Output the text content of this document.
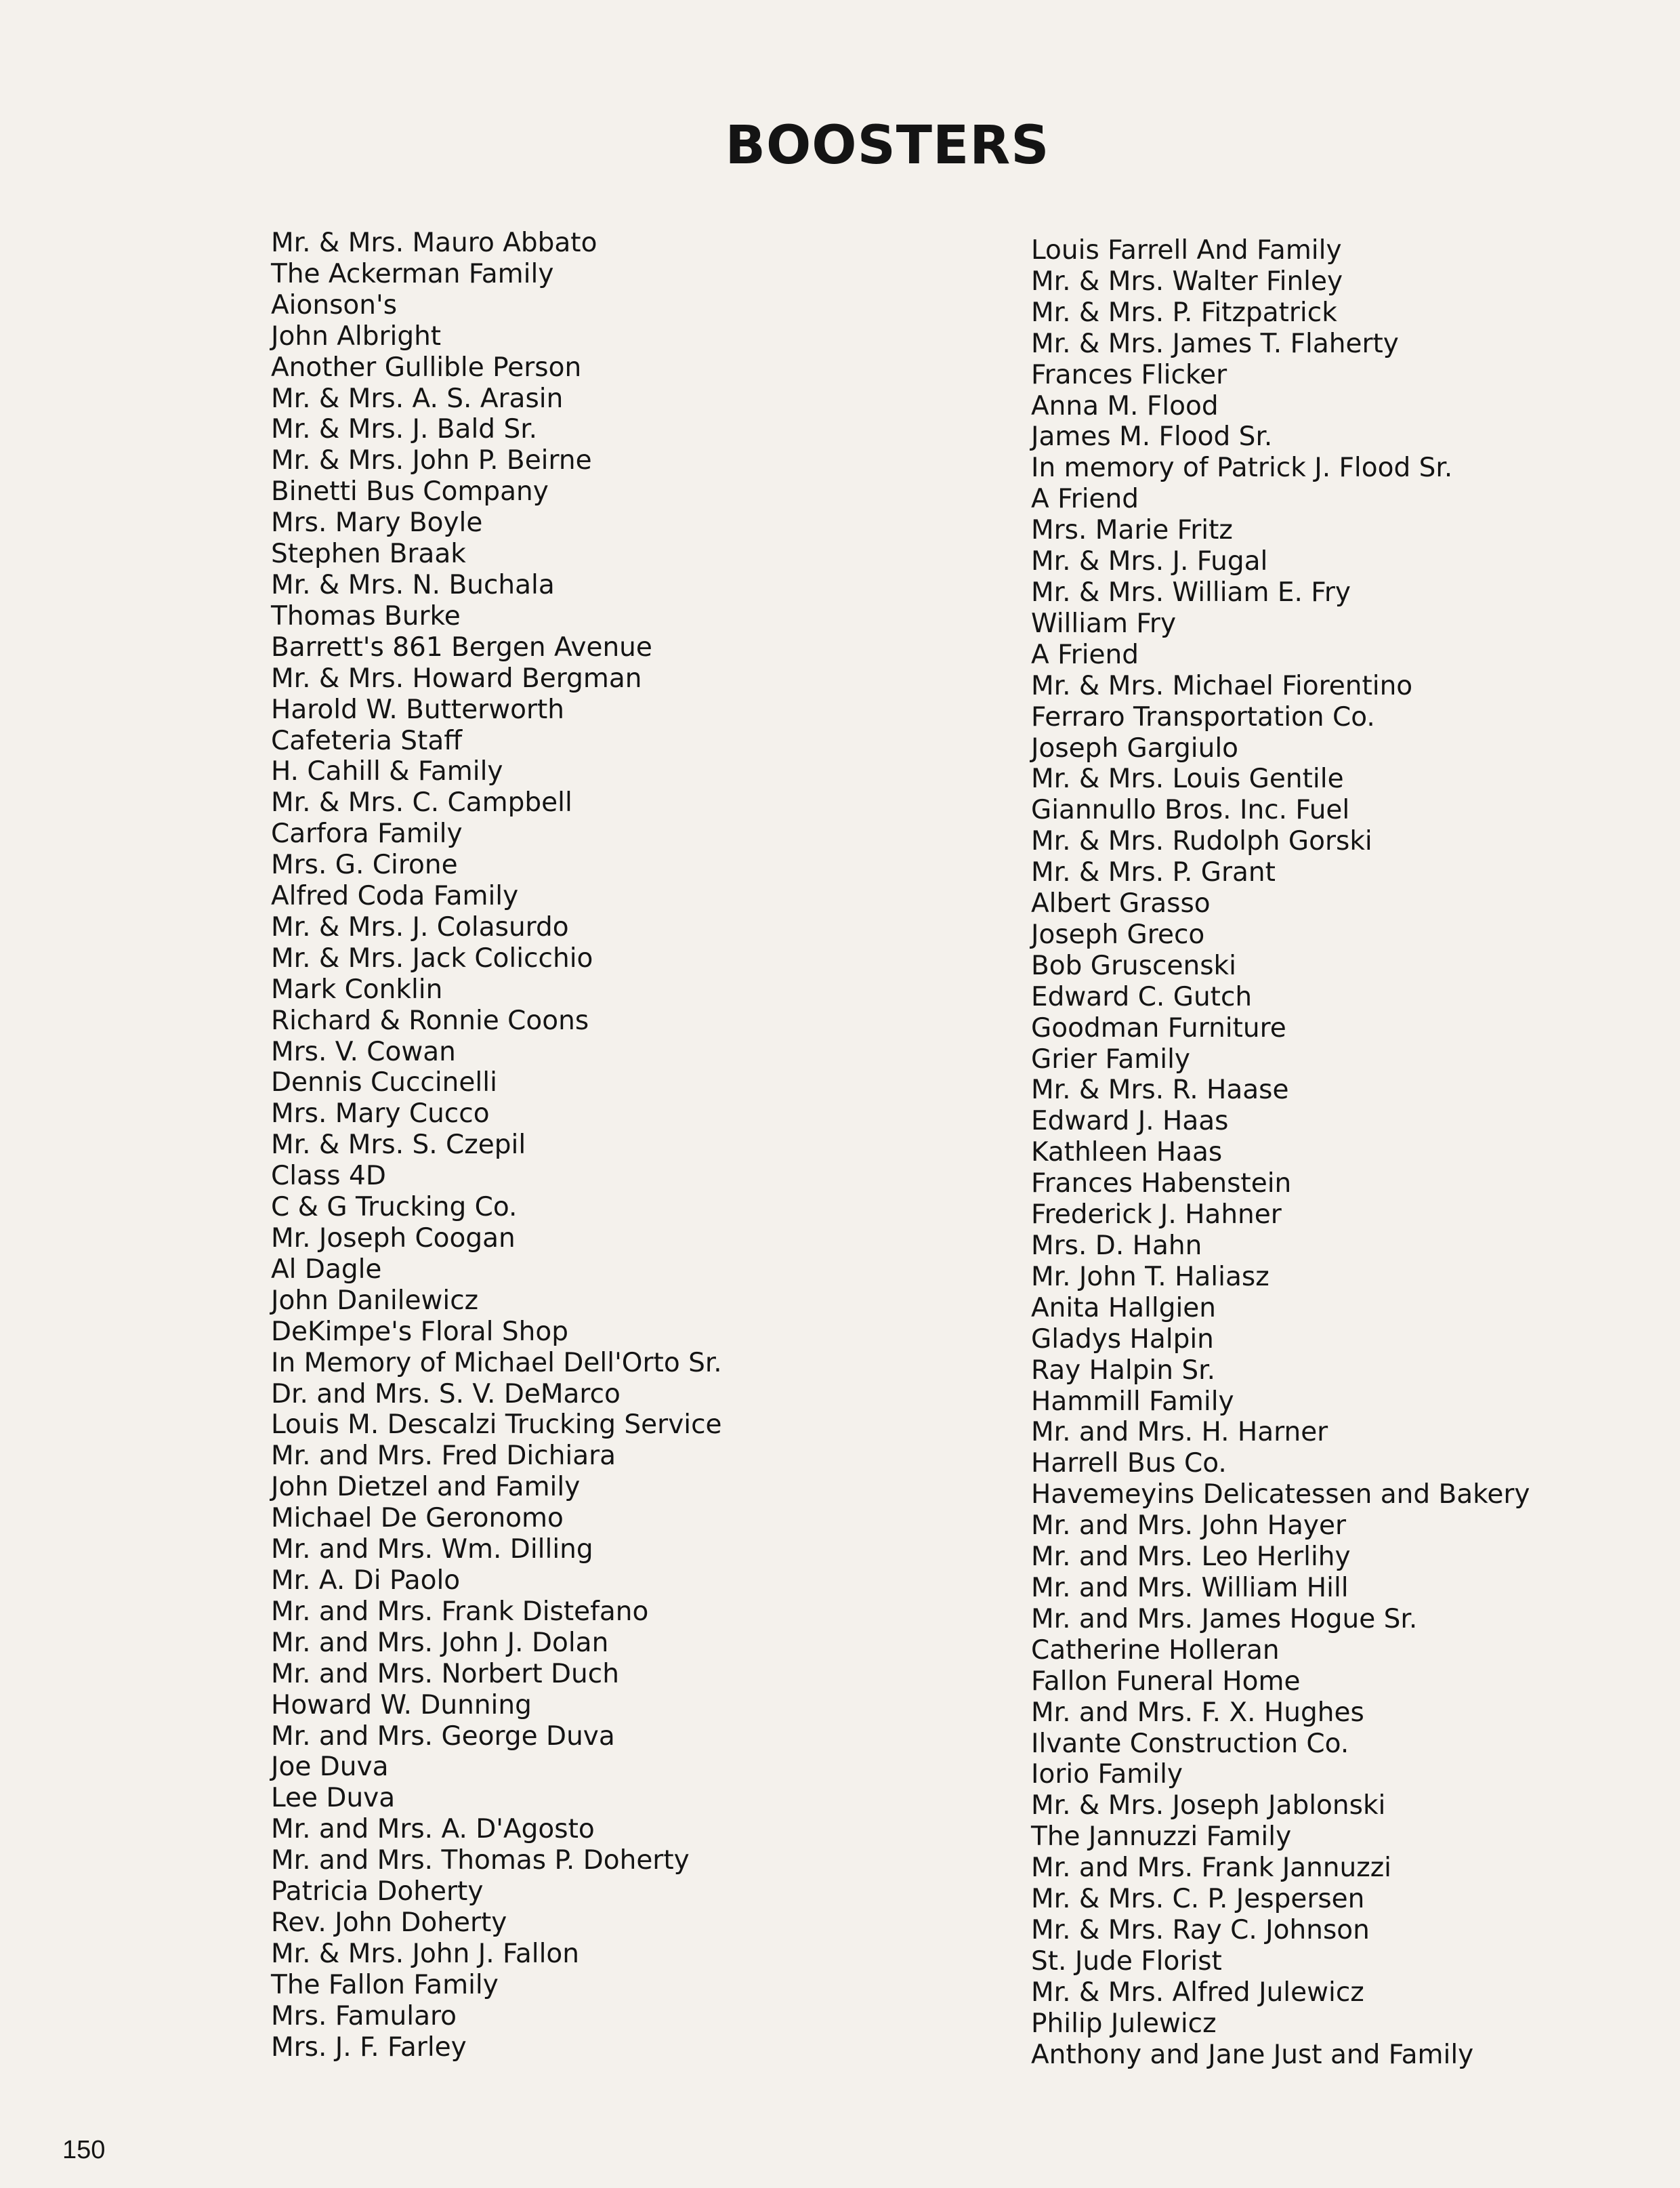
BOOSTERS
Mr. & Mrs. Mauro Abbato
The Ackerman Family
Aionson's
John Albright
Another Gullible Person
Mr. & Mrs. A. S. Arasin
Mr. & Mrs. J. Bald Sr.
Mr. & Mrs. John P. Beirne
Binetti Bus Company
Mrs. Mary Boyle
Stephen Braak
Mr. & Mrs. N. Buchala
Thomas Burke
Barrett's 861 Bergen Avenue
Mr. & Mrs. Howard Bergman
Harold W. Butterworth
Cafeteria Staff
H. Cahill & Family
Mr. & Mrs. C. Campbell
Carfora Family
Mrs. G. Cirone
Alfred Coda Family
Mr. & Mrs. J. Colasurdo
Mr. & Mrs. Jack Colicchio
Mark Conklin
Richard & Ronnie Coons
Mrs. V. Cowan
Dennis Cuccinelli
Mrs. Mary Cucco
Mr. & Mrs. S. Czepil
Class 4D
C & G Trucking Co.
Mr. Joseph Coogan
Al Dagle
John Danilewicz
DeKimpe's Floral Shop
In Memory of Michael Dell'Orto Sr.
Dr. and Mrs. S. V. DeMarco
Louis M. Descalzi Trucking Service
Mr. and Mrs. Fred Dichiara
John Dietzel and Family
Michael De Geronomo
Mr. and Mrs. Wm. Dilling
Mr. A. Di Paolo
Mr. and Mrs. Frank Distefano
Mr. and Mrs. John J. Dolan
Mr. and Mrs. Norbert Duch
Howard W. Dunning
Mr. and Mrs. George Duva
Joe Duva
Lee Duva
Mr. and Mrs. A. D'Agosto
Mr. and Mrs. Thomas P. Doherty
Patricia Doherty
Rev. John Doherty
Mr. & Mrs. John J. Fallon
The Fallon Family
Mrs. Famularo
Mrs. J. F. Farley
Louis Farrell And Family
Mr. & Mrs. Walter Finley
Mr. & Mrs. P. Fitzpatrick
Mr. & Mrs. James T. Flaherty
Frances Flicker
Anna M. Flood
James M. Flood Sr.
In memory of Patrick J. Flood Sr.
A Friend
Mrs. Marie Fritz
Mr. & Mrs. J. Fugal
Mr. & Mrs. William E. Fry
William Fry
A Friend
Mr. & Mrs. Michael Fiorentino
Ferraro Transportation Co.
Joseph Gargiulo
Mr. & Mrs. Louis Gentile
Giannullo Bros. Inc. Fuel
Mr. & Mrs. Rudolph Gorski
Mr. & Mrs. P. Grant
Albert Grasso
Joseph Greco
Bob Gruscenski
Edward C. Gutch
Goodman Furniture
Grier Family
Mr. & Mrs. R. Haase
Edward J. Haas
Kathleen Haas
Frances Habenstein
Frederick J. Hahner
Mrs. D. Hahn
Mr. John T. Haliasz
Anita Hallgien
Gladys Halpin
Ray Halpin Sr.
Hammill Family
Mr. and Mrs. H. Harner
Harrell Bus Co.
Havemeyins Delicatessen and Bakery
Mr. and Mrs. John Hayer
Mr. and Mrs. Leo Herlihy
Mr. and Mrs. William Hill
Mr. and Mrs. James Hogue Sr.
Catherine Holleran
Fallon Funeral Home
Mr. and Mrs. F. X. Hughes
Ilvante Construction Co.
Iorio Family
Mr. & Mrs. Joseph Jablonski
The Jannuzzi Family
Mr. and Mrs. Frank Jannuzzi
Mr. & Mrs. C. P. Jespersen
Mr. & Mrs. Ray C. Johnson
St. Jude Florist
Mr. & Mrs. Alfred Julewicz
Philip Julewicz
Anthony and Jane Just and Family
150
